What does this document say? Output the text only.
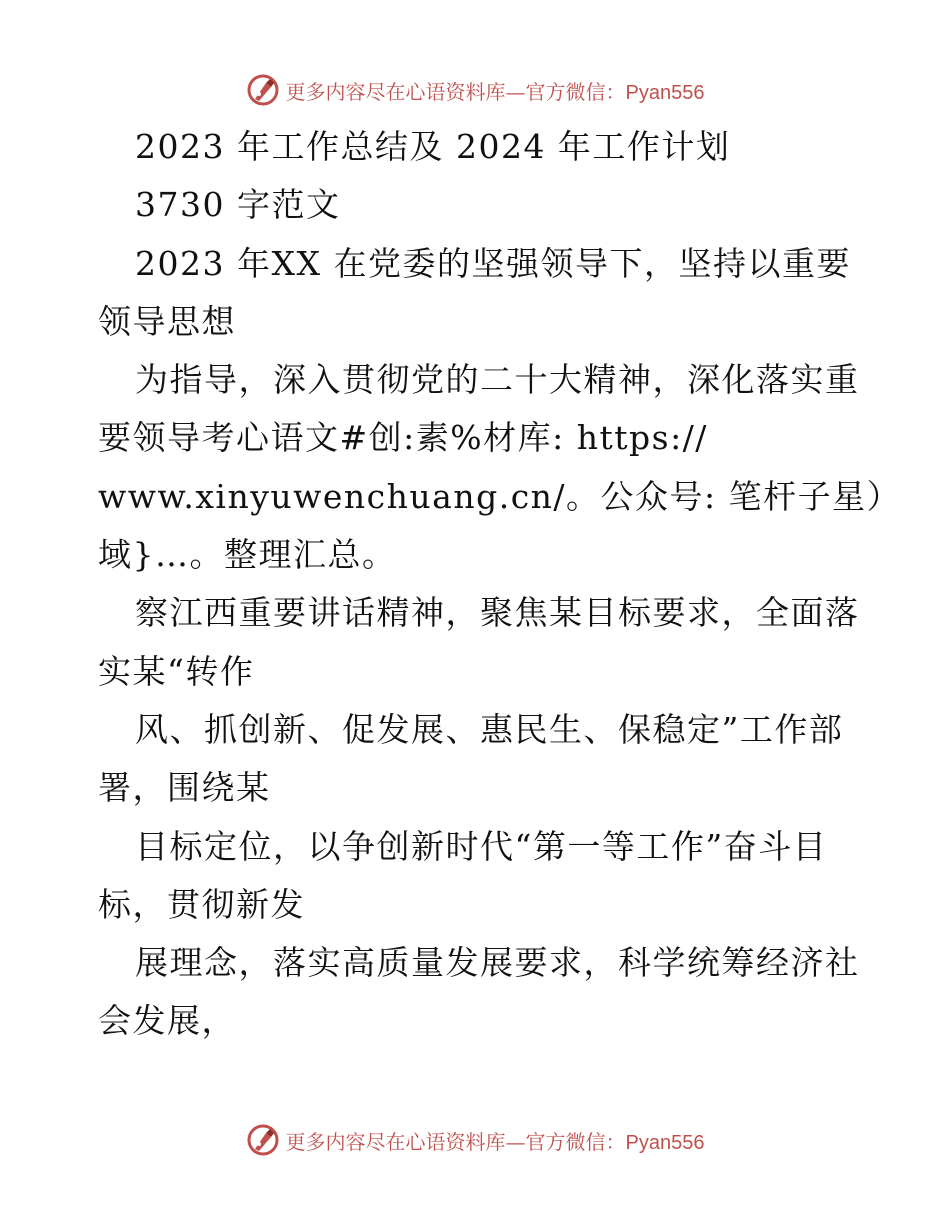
更多内容尽在心语资料库—官方微信：Pyan556
2023 年工作总结及 2024 年工作计划
3730 字范文
2023 年XX 在党委的坚强领导下，坚持以重要
领导思想
为指导，深入贯彻党的二十大精神，深化落实重
要领导考心语文#创:素%材库: https://
www.xinyuwenchuang.cn/。公众号: 笔杆子星）
域}…。整理汇总。
察江西重要讲话精神，聚焦某目标要求，全面落
实某“转作
风、抓创新、促发展、惠民生、保稳定”工作部
署，围绕某
目标定位，以争创新时代“第一等工作”奋斗目
标，贯彻新发
展理念，落实高质量发展要求，科学统筹经济社
会发展，
更多内容尽在心语资料库—官方微信：Pyan556
